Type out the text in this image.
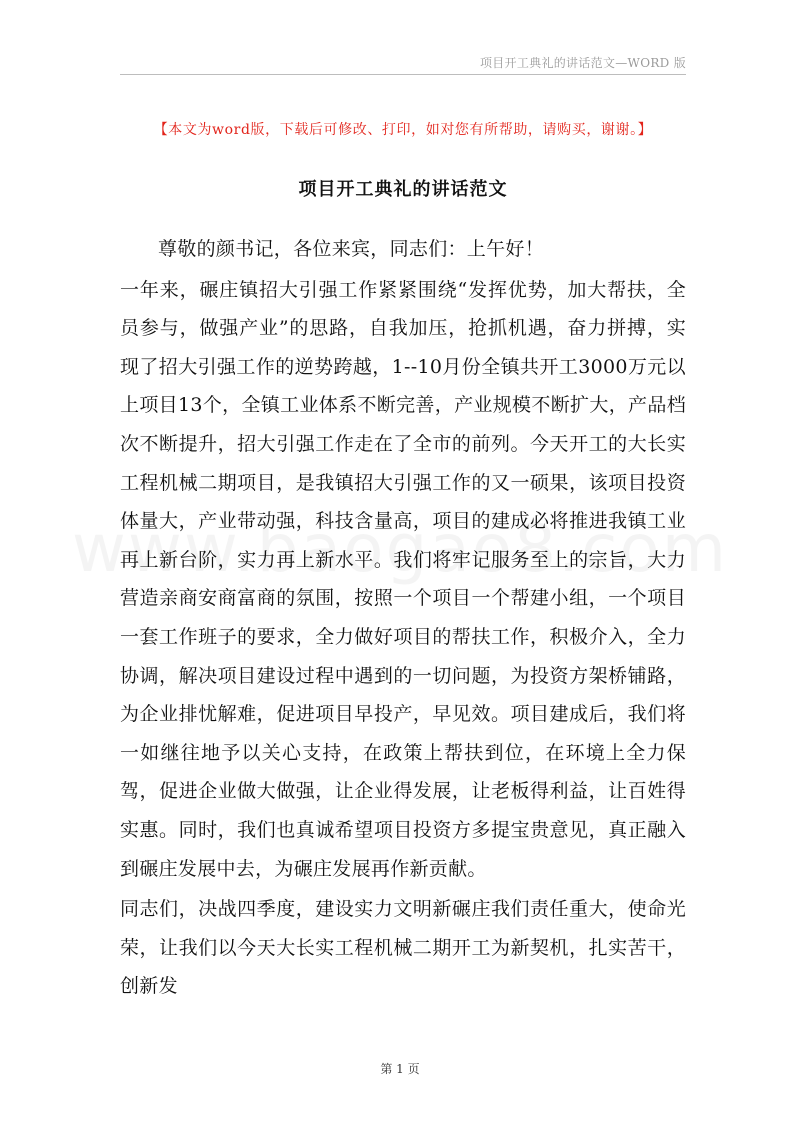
项目开工典礼的讲话范文—WORD 版
【本文为word版，下载后可修改、打印，如对您有所帮助，请购买，谢谢。】
项目开工典礼的讲话范文

尊敬的颜书记，各位来宾，同志们：上午好！

一年来，碾庄镇招大引强工作紧紧围绕“发挥优势，加大帮扶，全员参与，做强产业”的思路，自我加压，抢抓机遇，奋力拼搏，实现了招大引强工作的逆势跨越，1--10月份全镇共开工3000万元以上项目13个，全镇工业体系不断完善，产业规模不断扩大，产品档次不断提升，招大引强工作走在了全市的前列。今天开工的大长实工程机械二期项目，是我镇招大引强工作的又一硕果，该项目投资体量大，产业带动强，科技含量高，项目的建成必将推进我镇工业再上新台阶，实力再上新水平。我们将牢记服务至上的宗旨，大力营造亲商安商富商的氛围，按照一个项目一个帮建小组，一个项目一套工作班子的要求，全力做好项目的帮扶工作，积极介入，全力协调，解决项目建设过程中遇到的一切问题，为投资方架桥铺路，为企业排忧解难，促进项目早投产，早见效。项目建成后，我们将一如继往地予以关心支持，在政策上帮扶到位，在环境上全力保驾，促进企业做大做强，让企业得发展，让老板得利益，让百姓得实惠。同时，我们也真诚希望项目投资方多提宝贵意见，真正融入到碾庄发展中去，为碾庄发展再作新贡献。

同志们，决战四季度，建设实力文明新碾庄我们责任重大，使命光荣，让我们以今天大长实工程机械二期开工为新契机，扎实苦干，创新发

第 1 页
